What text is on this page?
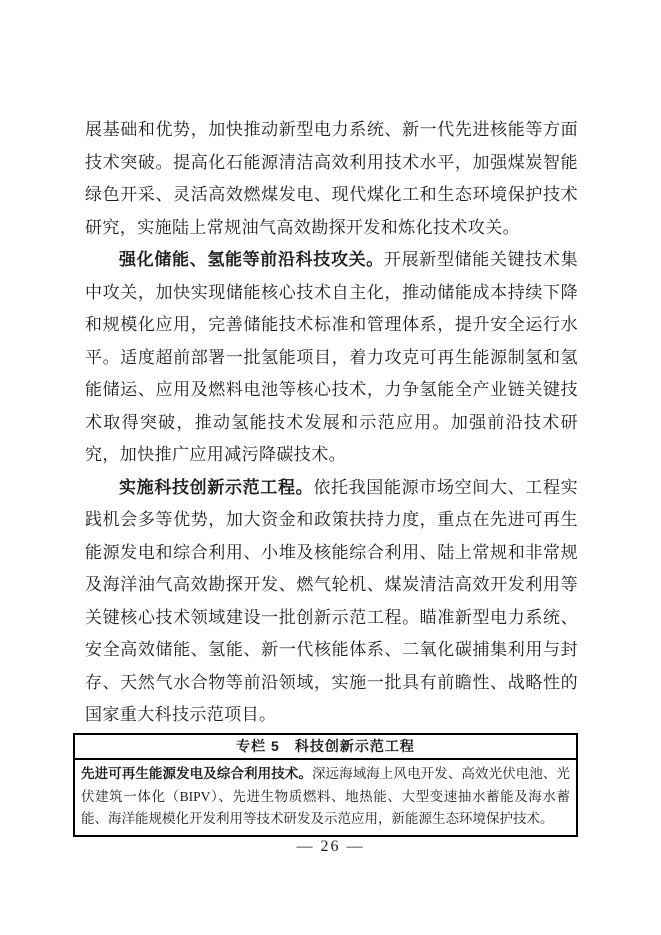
展基础和优势，加快推动新型电力系统、新一代先进核能等方面技术突破。提高化石能源清洁高效利用技术水平，加强煤炭智能绿色开采、灵活高效燃煤发电、现代煤化工和生态环境保护技术研究，实施陆上常规油气高效勘探开发和炼化技术攻关。

强化储能、氢能等前沿科技攻关。开展新型储能关键技术集中攻关，加快实现储能核心技术自主化，推动储能成本持续下降和规模化应用，完善储能技术标准和管理体系，提升安全运行水平。适度超前部署一批氢能项目，着力攻克可再生能源制氢和氢能储运、应用及燃料电池等核心技术，力争氢能全产业链关键技术取得突破，推动氢能技术发展和示范应用。加强前沿技术研究，加快推广应用减污降碳技术。

实施科技创新示范工程。依托我国能源市场空间大、工程实践机会多等优势，加大资金和政策扶持力度，重点在先进可再生能源发电和综合利用、小堆及核能综合利用、陆上常规和非常规及海洋油气高效勘探开发、燃气轮机、煤炭清洁高效开发利用等关键核心技术领域建设一批创新示范工程。瞄准新型电力系统、安全高效储能、氢能、新一代核能体系、二氧化碳捕集利用与封存、天然气水合物等前沿领域，实施一批具有前瞻性、战略性的国家重大科技示范项目。

专栏 5　科技创新示范工程
先进可再生能源发电及综合利用技术。深远海域海上风电开发、高效光伏电池、光伏建筑一体化（BIPV）、先进生物质燃料、地热能、大型变速抽水蓄能及海水蓄能、海洋能规模化开发利用等技术研发及示范应用，新能源生态环境保护技术。
— 26 —
